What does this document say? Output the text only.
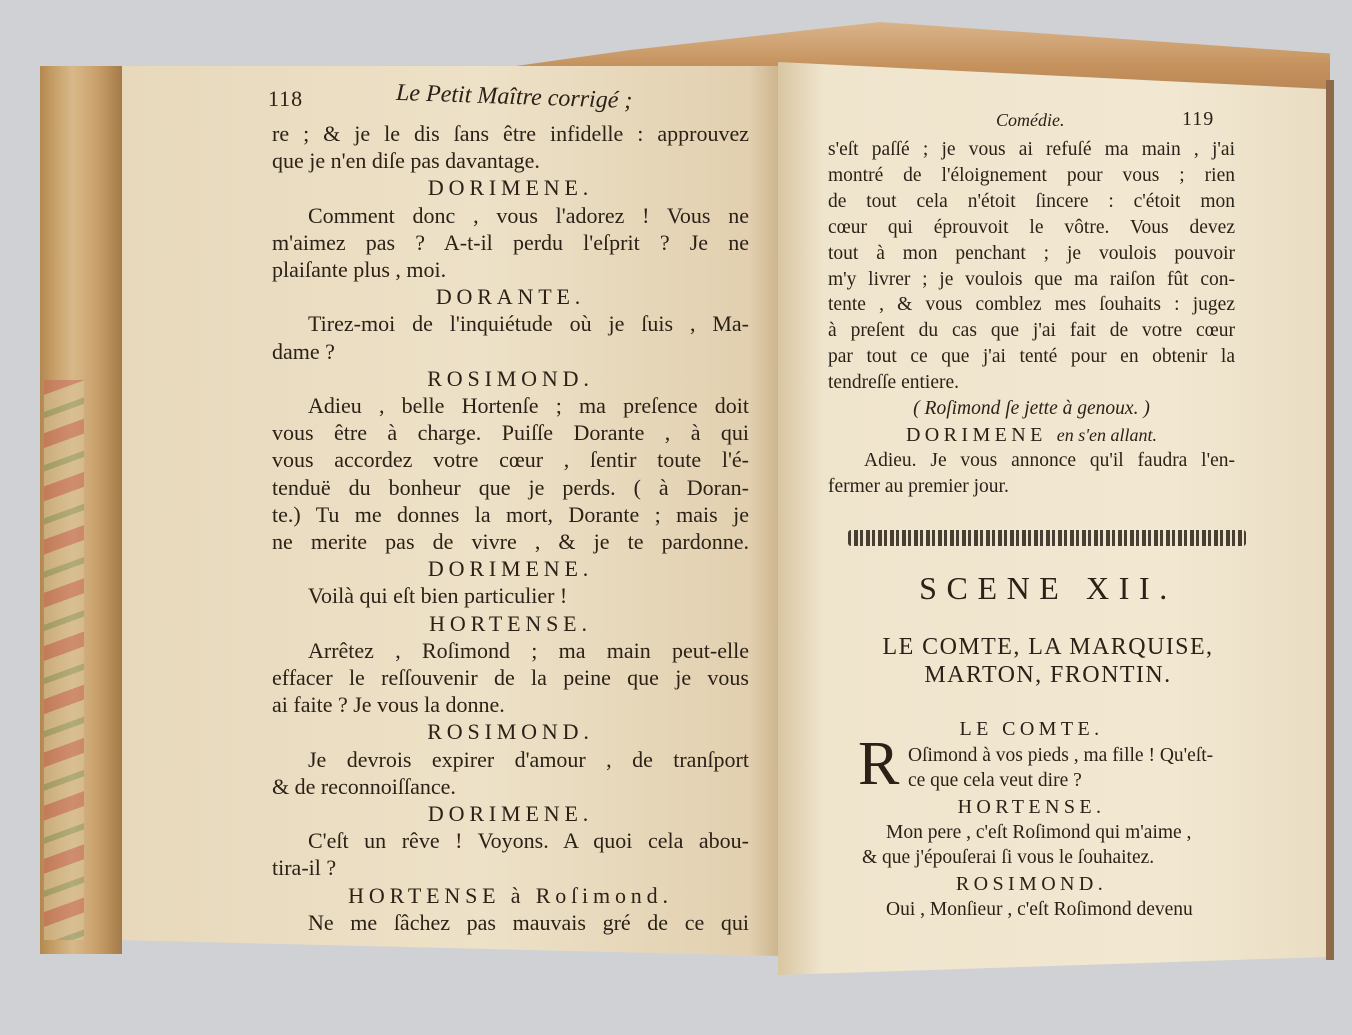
118	Le Petit Maître corrigé ;
Comédie.	119
re ; & je le dis ſans être infidelle : approuvez
que je n'en diſe pas davantage.
DORIMENE.
Comment donc , vous l'adorez ! Vous ne
m'aimez pas ? A-t-il perdu l'eſprit ? Je ne
plaiſante plus , moi.
DORANTE.
Tirez-moi de l'inquiétude où je ſuis , Ma-
dame ?
ROSIMOND.
Adieu , belle Hortenſe ; ma preſence doit
vous être à charge. Puiſſe Dorante , à qui
vous accordez votre cœur , ſentir toute l'é-
tenduë du bonheur que je perds. ( à Doran-
te.) Tu me donnes la mort, Dorante ; mais je
ne merite pas de vivre , & je te pardonne.
DORIMENE.
Voilà qui eſt bien particulier !
HORTENSE.
Arrêtez , Roſimond ; ma main peut-elle
effacer le reſſouvenir de la peine que je vous
ai faite ? Je vous la donne.
ROSIMOND.
Je devrois expirer d'amour , de tranſport
& de reconnoiſſance.
DORIMENE.
C'eſt un rêve ! Voyons. A quoi cela abou-
tira-il ?
HORTENSE à Roſimond.
Ne me ſâchez pas mauvais gré de ce qui
s'eſt paſſé ; je vous ai refuſé ma main , j'ai
montré de l'éloignement pour vous ; rien
de tout cela n'étoit ſincere : c'étoit mon
cœur qui éprouvoit le vôtre. Vous devez
tout à mon penchant ; je voulois pouvoir
m'y livrer ; je voulois que ma raiſon fût con-
tente , & vous comblez mes ſouhaits : jugez
à preſent du cas que j'ai fait de votre cœur
par tout ce que j'ai tenté pour en obtenir la
tendreſſe entiere.
( Roſimond ſe jette à genoux. )
DORIMENE en s'en allant.
Adieu. Je vous annonce qu'il faudra l'en-
fermer au premier jour.
SCENE XII.
LE COMTE, LA MARQUISE,
MARTON, FRONTIN.
LE COMTE.
R Oſimond à vos pieds , ma fille ! Qu'eſt-
ce que cela veut dire ?
HORTENSE.
Mon pere , c'eſt Roſimond qui m'aime ,
& que j'épouſerai ſi vous le ſouhaitez.
ROSIMOND.
Oui , Monſieur , c'eſt Roſimond devenu
